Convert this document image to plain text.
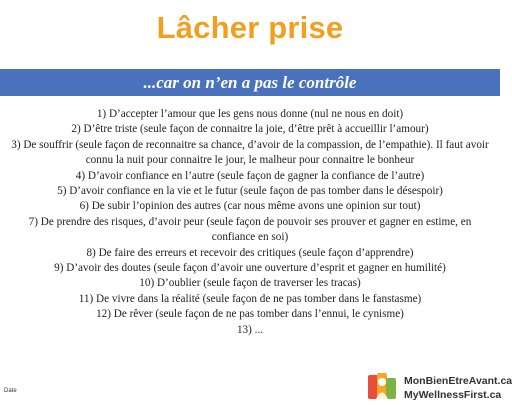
Lâcher prise
...car on n’en a pas le contrôle
1) D’accepter l’amour que les gens nous donne (nul ne nous en doit)
2) D’être triste (seule façon de connaitre la joie, d’être prêt à accueillir l’amour)
3) De souffrir (seule façon de reconnaitre sa chance, d’avoir de la compassion, de l’empathie). Il faut avoir connu la nuit pour connaitre le jour, le malheur pour connaitre le bonheur
4) D’avoir confiance en l’autre (seule façon de gagner la confiance de l’autre)
5) D’avoir confiance en la vie et le futur (seule façon de pas tomber dans le désespoir)
6) De subir l’opinion des autres (car nous même avons une opinion sur tout)
7) De prendre des risques, d’avoir peur (seule façon de pouvoir ses prouver et gagner en estime, en confiance en soi)
8) De faire des erreurs et recevoir des critiques (seule façon d’apprendre)
9) D’avoir des doutes (seule façon d’avoir une ouverture d’esprit et gagner en humilité)
10) D’oublier (seule façon de traverser les tracas)
11) De vivre dans la réalité (seule façon de ne pas tomber dans le fanstasme)
12) De rêver (seule façon de ne pas tomber dans l’ennui, le cynisme)
13) ...
Date
MonBienEtreAvant.ca
MyWellnessFirst.ca
